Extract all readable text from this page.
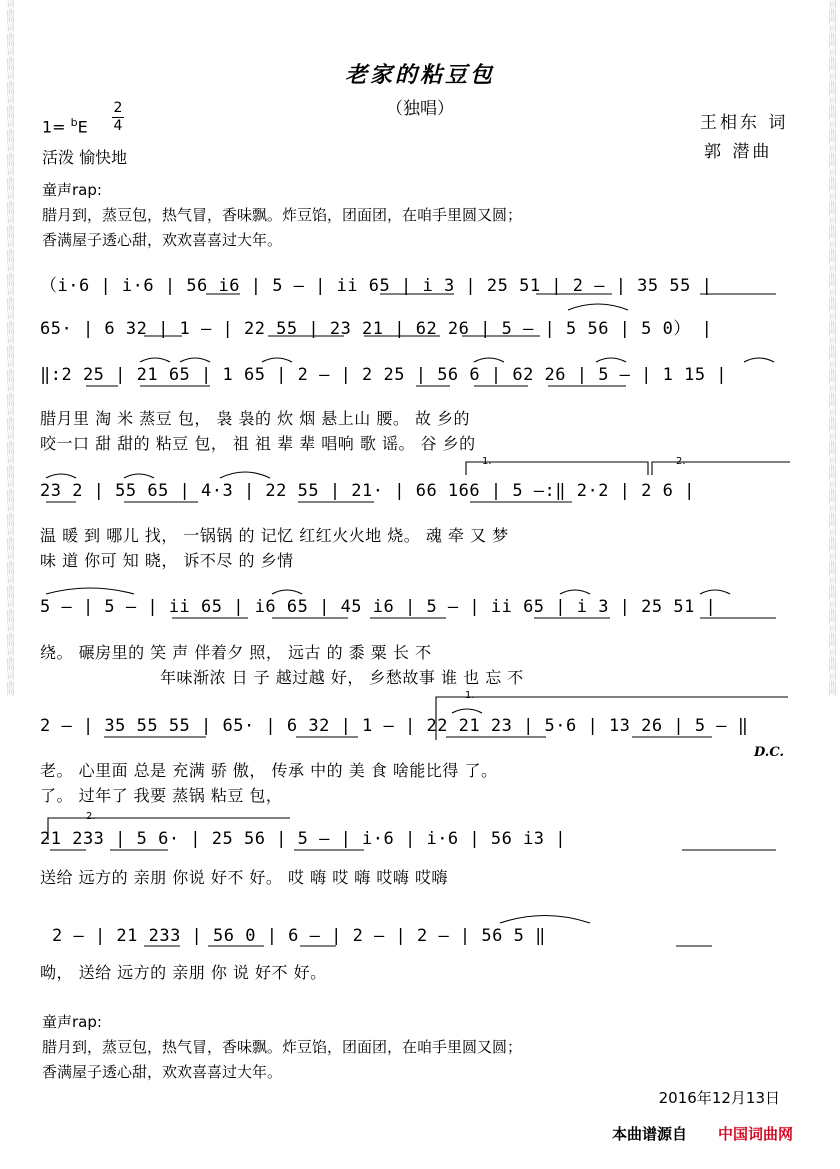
词曲网词曲网词曲网词曲网词曲网词曲网词曲网词曲网词曲网词曲网词曲网词曲网词曲网词曲网词曲网词曲网词曲网词曲网词曲网词曲网词曲网词曲网词曲网词曲网词曲网词曲网词曲网词曲网词曲网	词曲网词曲网词曲网词曲网词曲网词曲网词曲网词曲网词曲网词曲网词曲网词曲网词曲网词曲网词曲网词曲网词曲网词曲网词曲网词曲网词曲网词曲网词曲网词曲网词曲网词曲网词曲网词曲网词曲网
老家的粘豆包
（独唱）
1= $^b$E
2
4
活泼 愉快地
王相东 词
郭 潜曲
童声rap:
腊月到，蒸豆包，热气冒，香味飘。炸豆馅，团面团，在咱手里圆又圆；
香满屋子透心甜，欢欢喜喜过大年。
（i·6 | i·6 | 56 i6 | 5 — | ii 65 | i 3 | 25 51 | 2 — | 35 55 |
65· | 6 32 | 1 — | 22 55 | 23 21 | 62 26 | 5 — | 5 56 | 5 0） |
‖:2 25 | 21 65 | 1 65 | 2 — | 2 25 | 56 6 | 62 26 | 5 — | 1 15 |
腊月里 淘 米 蒸豆 包， 袅 袅的 炊 烟 悬上山 腰。 故 乡的
咬一口 甜 甜的 粘豆 包， 祖 祖 辈 辈 唱响 歌 谣。 谷 乡的
1.	2.
23 2 | 55 65 | 4·3 | 22 55 | 21· | 66 166 | 5 —:‖ 2·2 | 2 6 |
温 暖 到 哪儿 找， 一锅锅 的 记忆 红红火火地 烧。 魂 牵 又 梦
味 道 你可 知 晓， 诉不尽 的 乡情
5 — | 5 — | ii 65 | i6 65 | 45 i6 | 5 — | ii 65 | i 3 | 25 51 |
绕。 碾房里的 笑 声 伴着夕 照， 远古 的 黍 粟 长 不
年味渐浓 日 子 越过越 好， 乡愁故事 谁 也 忘 不
1.
2 — | 35 55 55 | 65· | 6 32 | 1 — | 22 21 23 | 5·6 | 13 26 | 5 — ‖
D.C.
老。 心里面 总是 充满 骄 傲， 传承 中的 美 食 啥能比得 了。
了。 过年了 我要 蒸锅 粘豆 包，
2.
21 233 | 5 6· | 25 56 | 5 — | i·6 | i·6 | 56 i3 |
送给 远方的 亲朋 你说 好不 好。 哎 嗨 哎 嗨 哎嗨 哎嗨
2 — | 21 233 | 56 0 | 6 — | 2 — | 2 — | 56 5 ‖
呦， 送给 远方的 亲朋 你 说 好不 好。
童声rap:
腊月到，蒸豆包，热气冒，香味飘。炸豆馅，团面团，在咱手里圆又圆；
香满屋子透心甜，欢欢喜喜过大年。
2016年12月13日
本曲谱源自 中国词曲网
